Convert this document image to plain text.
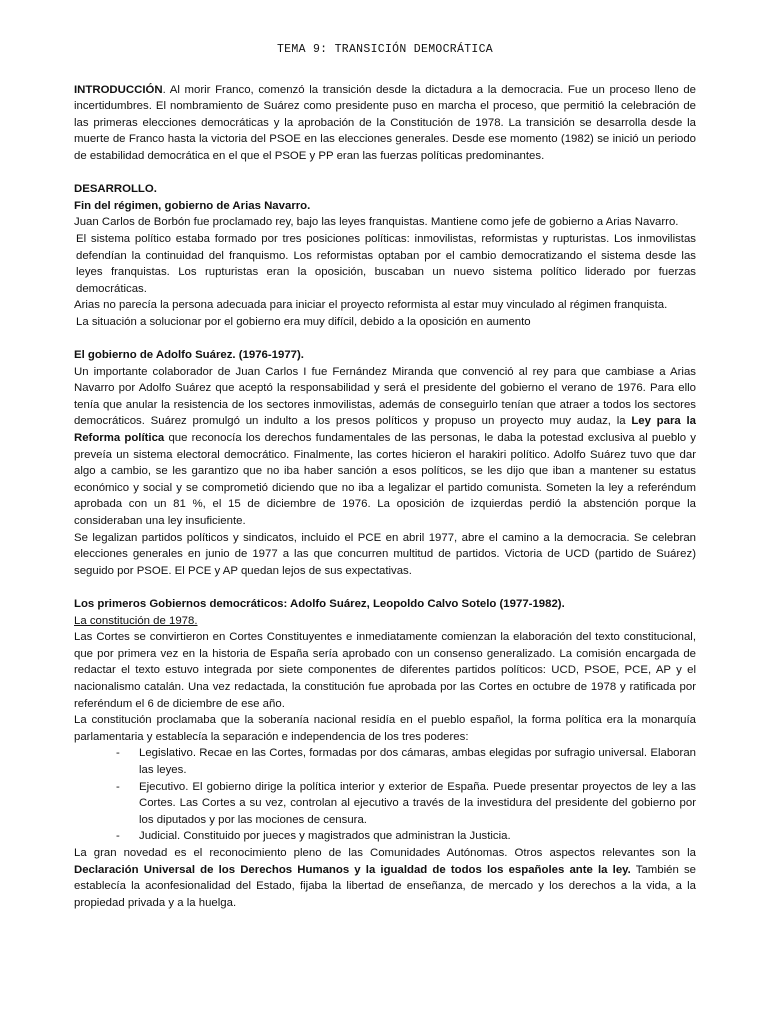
TEMA 9: TRANSICIÓN DEMOCRÁTICA

INTRODUCCIÓN. Al morir Franco, comenzó la transición desde la dictadura a la democracia. Fue un proceso lleno de incertidumbres. El nombramiento de Suárez como presidente puso en marcha el proceso, que permitió la celebración de las primeras elecciones democráticas y la aprobación de la Constitución de 1978. La transición se desarrolla desde la muerte de Franco hasta la victoria del PSOE en las elecciones generales. Desde ese momento (1982) se inició un periodo de estabilidad democrática en el que el PSOE y PP eran las fuerzas políticas predominantes.

DESARROLLO.

Fin del régimen, gobierno de Arias Navarro.

Juan Carlos de Borbón fue proclamado rey, bajo las leyes franquistas. Mantiene como jefe de gobierno a Arias Navarro.

El sistema político estaba formado por tres posiciones políticas: inmovilistas, reformistas y rupturistas. Los inmovilistas defendían la continuidad del franquismo. Los reformistas optaban por el cambio democratizando el sistema desde las leyes franquistas. Los rupturistas eran la oposición, buscaban un nuevo sistema político liderado por fuerzas democráticas.

Arias no parecía la persona adecuada para iniciar el proyecto reformista al estar muy vinculado al régimen franquista.

La situación a solucionar por el gobierno era muy difícil, debido a la oposición en aumento

El gobierno de Adolfo Suárez. (1976-1977).

Un importante colaborador de Juan Carlos I fue Fernández Miranda que convenció al rey para que cambiase a Arias Navarro por Adolfo Suárez que aceptó la responsabilidad y será el presidente del gobierno el verano de 1976. Para ello tenía que anular la resistencia de los sectores inmovilistas, además de conseguirlo tenían que atraer a todos los sectores democráticos. Suárez promulgó un indulto a los presos políticos y propuso un proyecto muy audaz, la Ley para la Reforma política que reconocía los derechos fundamentales de las personas, le daba la potestad exclusiva al pueblo y preveía un sistema electoral democrático. Finalmente, las cortes hicieron el harakiri político. Adolfo Suárez tuvo que dar algo a cambio, se les garantizo que no iba haber sanción a esos políticos, se les dijo que iban a mantener su estatus económico y social y se comprometió diciendo que no iba a legalizar el partido comunista. Someten la ley a referéndum aprobada con un 81 %, el 15 de diciembre de 1976. La oposición de izquierdas perdió la abstención porque la consideraban una ley insuficiente.

Se legalizan partidos políticos y sindicatos, incluido el PCE en abril 1977, abre el camino a la democracia. Se celebran elecciones generales en junio de 1977 a las que concurren multitud de partidos. Victoria de UCD (partido de Suárez) seguido por PSOE. El PCE y AP quedan lejos de sus expectativas.

Los primeros Gobiernos democráticos: Adolfo Suárez, Leopoldo Calvo Sotelo (1977-1982).

La constitución de 1978.

Las Cortes se convirtieron en Cortes Constituyentes e inmediatamente comienzan la elaboración del texto constitucional, que por primera vez en la historia de España sería aprobado con un consenso generalizado. La comisión encargada de redactar el texto estuvo integrada por siete componentes de diferentes partidos políticos: UCD, PSOE, PCE, AP y el nacionalismo catalán. Una vez redactada, la constitución fue aprobada por las Cortes en octubre de 1978 y ratificada por referéndum el 6 de diciembre de ese año.

La constitución proclamaba que la soberanía nacional residía en el pueblo español, la forma política era la monarquía parlamentaria y establecía la separación e independencia de los tres poderes:

- Legislativo. Recae en las Cortes, formadas por dos cámaras, ambas elegidas por sufragio universal. Elaboran las leyes.
- Ejecutivo. El gobierno dirige la política interior y exterior de España. Puede presentar proyectos de ley a las Cortes. Las Cortes a su vez, controlan al ejecutivo a través de la investidura del presidente del gobierno por los diputados y por las mociones de censura.
- Judicial. Constituido por jueces y magistrados que administran la Justicia.

La gran novedad es el reconocimiento pleno de las Comunidades Autónomas. Otros aspectos relevantes son la Declaración Universal de los Derechos Humanos y la igualdad de todos los españoles ante la ley. También se establecía la aconfesionalidad del Estado, fijaba la libertad de enseñanza, de mercado y los derechos a la vida, a la propiedad privada y a la huelga.
